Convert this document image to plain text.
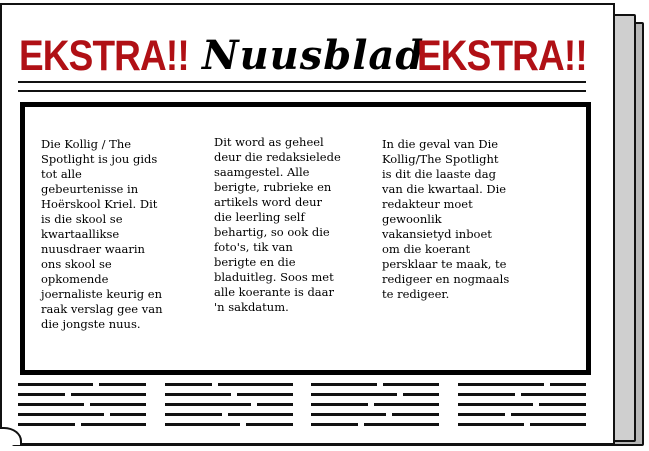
EKSTRA!! Nuusblad
EKSTRA!!
Die Kollig / The
Spotlight is jou gids
tot alle
gebeurtenisse in
Hoërskool Kriel. Dit
is die skool se
kwartaallikse
nuusdraer waarin
ons skool se
opkomende
joernaliste keurig en
raak verslag gee van
die jongste nuus.
Dit word as geheel
deur die redaksielede
saamgestel. Alle
berigte, rubrieke en
artikels word deur
die leerling self
behartig, so ook die
foto's, tik van
berigte en die
bladuitleg. Soos met
alle koerante is daar
'n sakdatum.
In die geval van Die
Kollig/The Spotlight
is dit die laaste dag
van die kwartaal. Die
redakteur moet
gewoonlik
vakansietyd inboet
om die koerant
persklaar te maak, te
redigeer en nogmaals
te redigeer.
